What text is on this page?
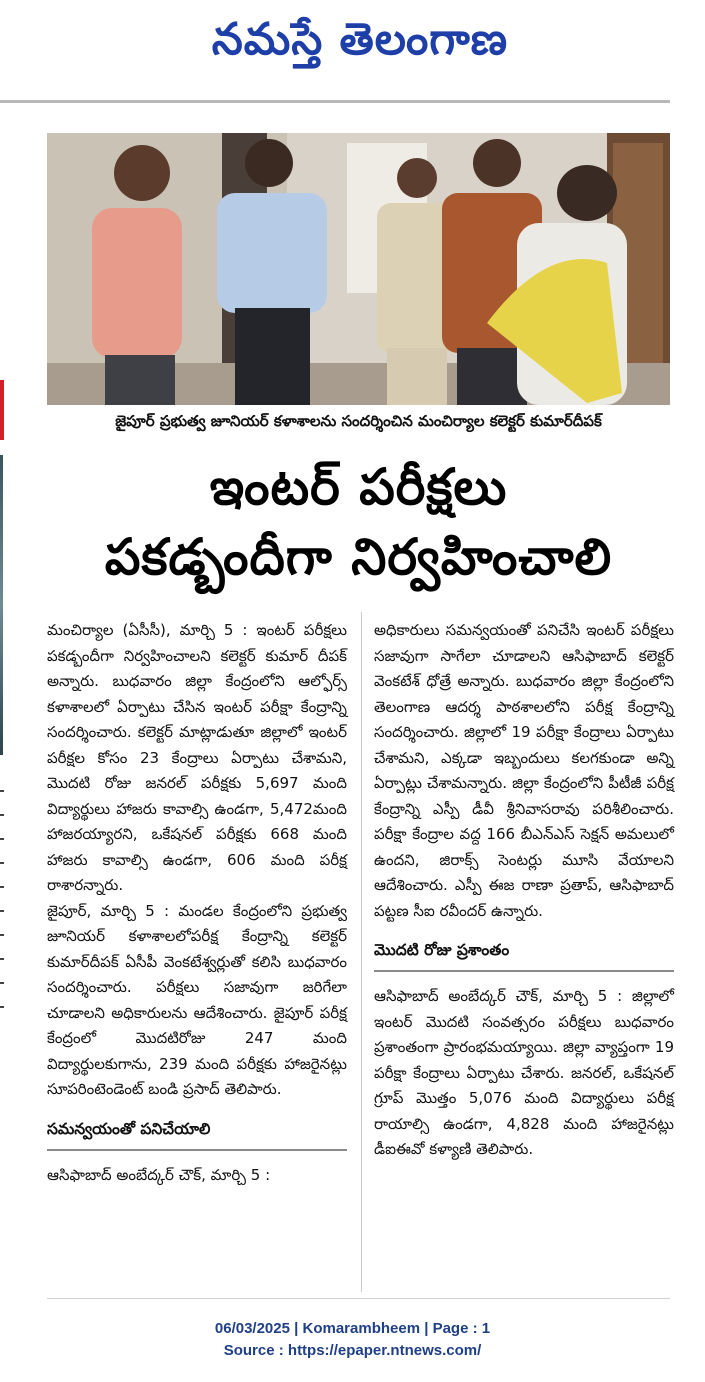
నమస్తే తెలంగాణ
జైపూర్ ప్రభుత్వ జూనియర్ కళాశాలను సందర్శించిన మంచిర్యాల కలెక్టర్ కుమార్‌దీపక్
ఇంటర్ పరీక్షలు
పకడ్బందీగా నిర్వహించాలి

మంచిర్యాల (ఏసీసీ), మార్చి 5 : ఇంటర్ పరీక్షలు పకడ్బందీగా నిర్వహించాలని కలెక్టర్ కుమార్ దీపక్ అన్నారు. బుధవారం జిల్లా కేంద్రంలోని ఆల్ఫోర్స్ కళాశాలలో ఏర్పాటు చేసిన ఇంటర్ పరీక్షా కేంద్రాన్ని సందర్శించారు. కలెక్టర్ మాట్లాడుతూ జిల్లాలో ఇంటర్ పరీక్షల కోసం 23 కేంద్రాలు ఏర్పాటు చేశామని, మొదటి రోజు జనరల్ పరీక్షకు 5,697 మంది విద్యార్థులు హాజరు కావాల్సి ఉండగా, 5,472మంది హాజరయ్యారని, ఒకేషనల్ పరీక్షకు 668 మంది హాజరు కావాల్సి ఉండగా, 606 మంది పరీక్ష రాశారన్నారు.

జైపూర్, మార్చి 5 : మండల కేంద్రంలోని ప్రభుత్వ జూనియర్ కళాశాలలోపరీక్ష కేంద్రాన్ని కలెక్టర్ కుమార్‌దీపక్ ఏసీపీ వెంకటేశ్వర్లుతో కలిసి బుధవారం సందర్శించారు. పరీక్షలు సజావుగా జరిగేలా చూడాలని అధికారులను ఆదేశించారు. జైపూర్ పరీక్ష కేంద్రంలో మొదటిరోజు 247 మంది విద్యార్థులకుగాను, 239 మంది పరీక్షకు హాజరైనట్లు సూపరింటెండెంట్ బండి ప్రసాద్ తెలిపారు.

సమన్వయంతో పనిచేయాలి

ఆసిఫాబాద్ అంబేద్కర్ చౌక్, మార్చి 5 :

అధికారులు సమన్వయంతో పనిచేసి ఇంటర్ పరీక్షలు సజావుగా సాగేలా చూడాలని ఆసిఫాబాద్ కలెక్టర్ వెంకటేశ్ ధోత్రే అన్నారు. బుధవారం జిల్లా కేంద్రంలోని తెలంగాణ ఆదర్శ పాఠశాలలోని పరీక్ష కేంద్రాన్ని సందర్శించారు. జిల్లాలో 19 పరీక్షా కేంద్రాలు ఏర్పాటు చేశామని, ఎక్కడా ఇబ్బందులు కలగకుండా అన్ని ఏర్పాట్లు చేశామన్నారు. జిల్లా కేంద్రంలోని పీటీజీ పరీక్ష కేంద్రాన్ని ఎస్పీ డీవీ శ్రీనివాసరావు పరిశీలించారు. పరీక్షా కేంద్రాల వద్ద 166 బీఎన్ఎస్ సెక్షన్ అమలులో ఉందని, జిరాక్స్ సెంటర్లు మూసి వేయాలని ఆదేశించారు. ఎస్పీ ఈజ రాణా ప్రతాప్, ఆసిఫాబాద్ పట్టణ సీఐ రవీందర్ ఉన్నారు.

మొదటి రోజు ప్రశాంతం

ఆసిఫాబాద్ అంబేద్కర్ చౌక్, మార్చి 5 : జిల్లాలో ఇంటర్ మొదటి సంవత్సరం పరీక్షలు బుధవారం ప్రశాంతంగా ప్రారంభమయ్యాయి. జిల్లా వ్యాప్తంగా 19 పరీక్షా కేంద్రాలు ఏర్పాటు చేశారు. జనరల్, ఒకేషనల్ గ్రూప్ మొత్తం 5,076 మంది విద్యార్థులు పరీక్ష రాయాల్సి ఉండగా, 4,828 మంది హాజరైనట్లు డీఐఈవో కళ్యాణి తెలిపారు.

06/03/2025 | Komarambheem | Page : 1
Source : https://epaper.ntnews.com/
